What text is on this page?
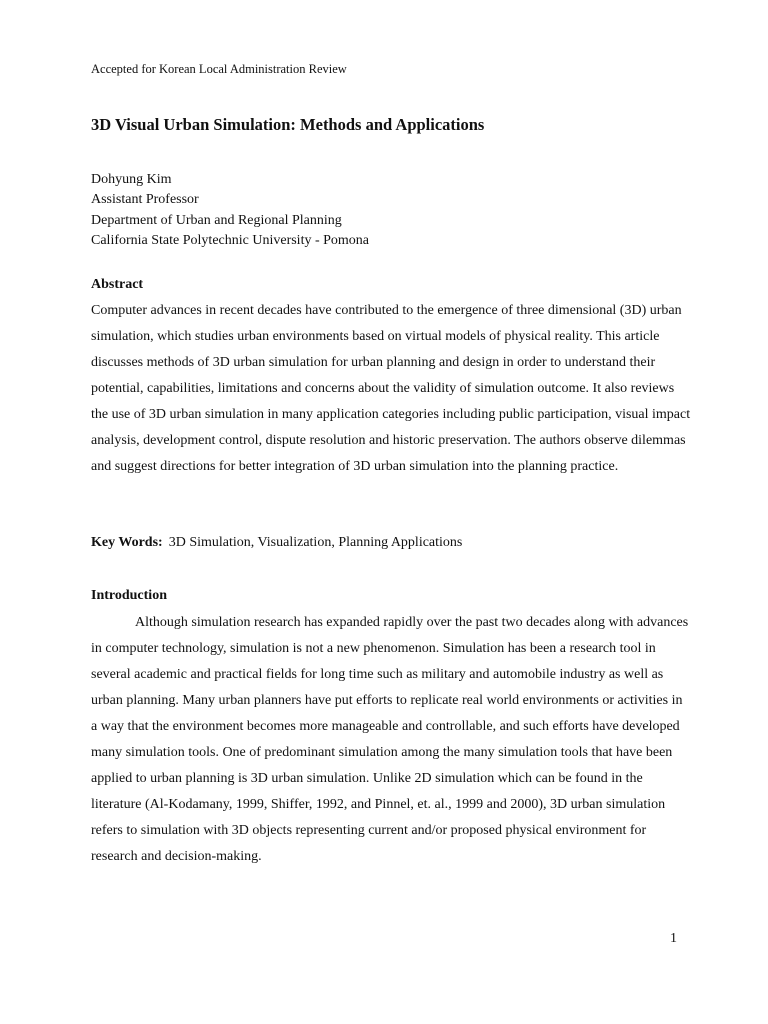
Accepted for Korean Local Administration Review
3D Visual Urban Simulation: Methods and Applications
Dohyung Kim
Assistant Professor
Department of Urban and Regional Planning
California State Polytechnic University - Pomona
Abstract

Computer advances in recent decades have contributed to the emergence of three dimensional (3D) urban simulation, which studies urban environments based on virtual models of physical reality. This article discusses methods of 3D urban simulation for urban planning and design in order to understand their potential, capabilities, limitations and concerns about the validity of simulation outcome. It also reviews the use of 3D urban simulation in many application categories including public participation, visual impact analysis, development control, dispute resolution and historic preservation. The authors observe dilemmas and suggest directions for better integration of 3D urban simulation into the planning practice.

Key Words: 3D Simulation, Visualization, Planning Applications
Introduction

Although simulation research has expanded rapidly over the past two decades along with advances in computer technology, simulation is not a new phenomenon. Simulation has been a research tool in several academic and practical fields for long time such as military and automobile industry as well as urban planning. Many urban planners have put efforts to replicate real world environments or activities in a way that the environment becomes more manageable and controllable, and such efforts have developed many simulation tools. One of predominant simulation among the many simulation tools that have been applied to urban planning is 3D urban simulation. Unlike 2D simulation which can be found in the literature (Al-Kodamany, 1999, Shiffer, 1992, and Pinnel, et. al., 1999 and 2000), 3D urban simulation refers to simulation with 3D objects representing current and/or proposed physical environment for research and decision-making.

1
